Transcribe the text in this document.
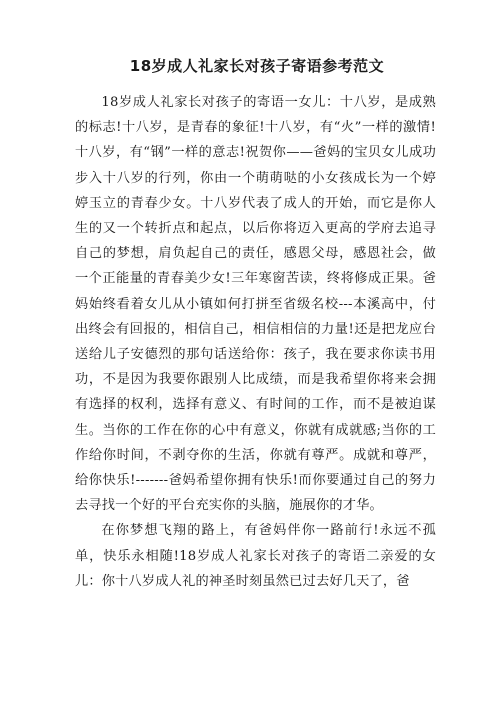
18岁成人礼家长对孩子寄语参考范文

18岁成人礼家长对孩子的寄语一女儿：十八岁，是成熟的标志!十八岁，是青春的象征!十八岁，有“火”一样的激情!十八岁，有“钢”一样的意志!祝贺你——爸妈的宝贝女儿成功步入十八岁的行列，你由一个萌萌哒的小女孩成长为一个婷婷玉立的青春少女。十八岁代表了成人的开始，而它是你人生的又一个转折点和起点，以后你将迈入更高的学府去追寻自己的梦想，肩负起自己的责任，感恩父母，感恩社会，做一个正能量的青春美少女!三年寒窗苦读，终将修成正果。爸妈始终看着女儿从小镇如何打拼至省级名校---本溪高中，付出终会有回报的，相信自己，相信相信的力量!还是把龙应台送给儿子安德烈的那句话送给你：孩子，我在要求你读书用功，不是因为我要你跟别人比成绩，而是我希望你将来会拥有选择的权利，选择有意义、有时间的工作，而不是被迫谋生。当你的工作在你的心中有意义，你就有成就感;当你的工作给你时间，不剥夺你的生活，你就有尊严。成就和尊严，给你快乐!-------爸妈希望你拥有快乐!而你要通过自己的努力去寻找一个好的平台充实你的头脑，施展你的才华。

在你梦想飞翔的路上，有爸妈伴你一路前行!永远不孤单，快乐永相随!18岁成人礼家长对孩子的寄语二亲爱的女儿：你十八岁成人礼的神圣时刻虽然已过去好几天了，爸
